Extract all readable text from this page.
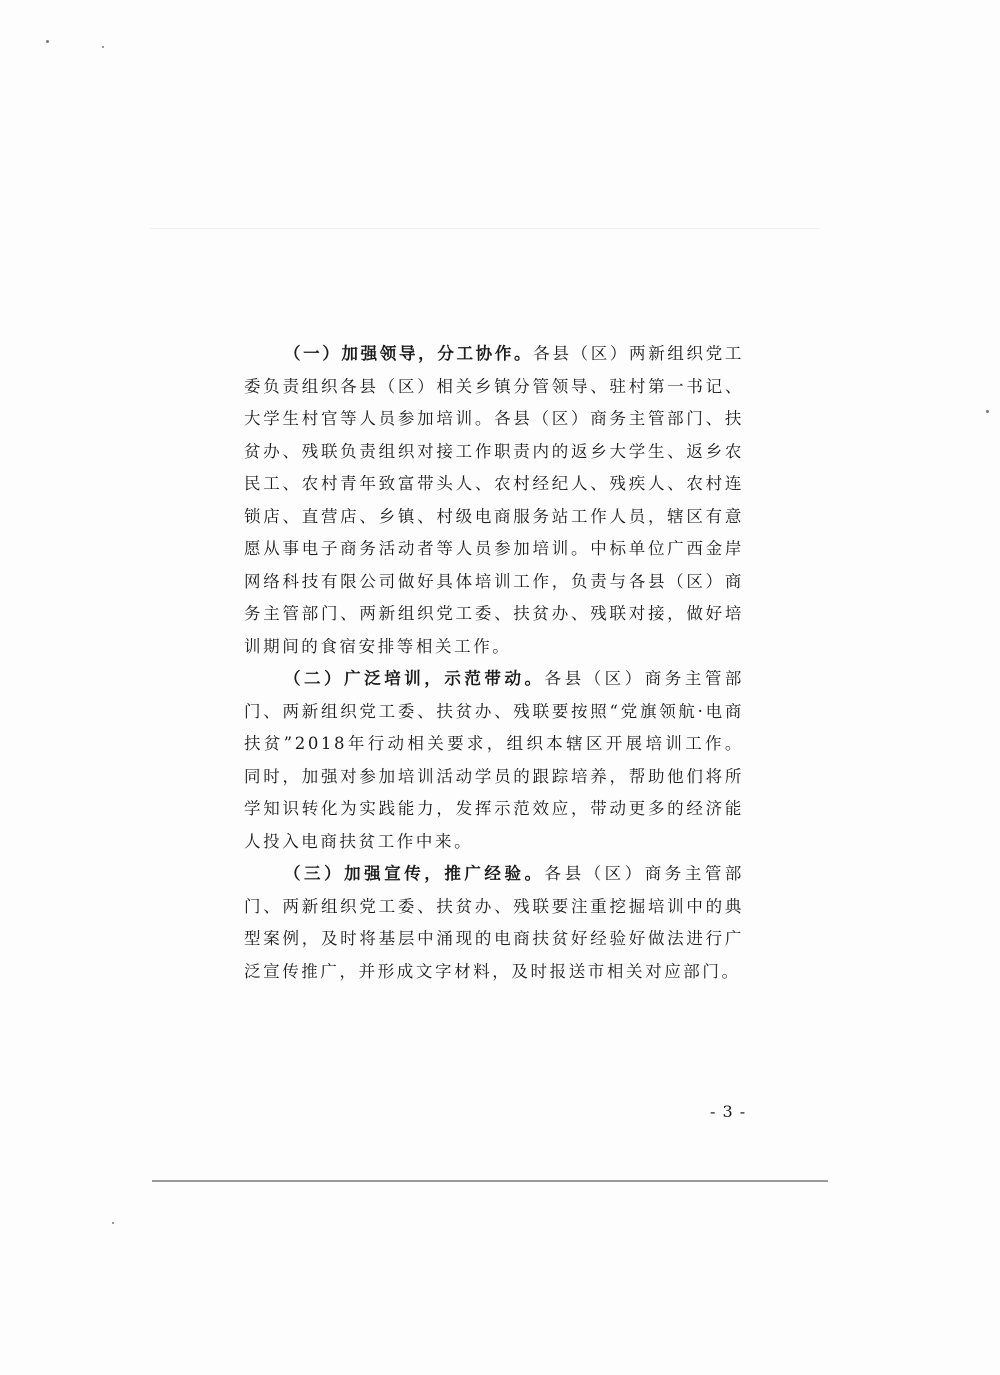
（一）加强领导，分工协作。各县（区）两新组织党工委负责组织各县（区）相关乡镇分管领导、驻村第一书记、大学生村官等人员参加培训。各县（区）商务主管部门、扶贫办、残联负责组织对接工作职责内的返乡大学生、返乡农民工、农村青年致富带头人、农村经纪人、残疾人、农村连锁店、直营店、乡镇、村级电商服务站工作人员，辖区有意愿从事电子商务活动者等人员参加培训。中标单位广西金岸网络科技有限公司做好具体培训工作，负责与各县（区）商务主管部门、两新组织党工委、扶贫办、残联对接，做好培训期间的食宿安排等相关工作。

（二）广泛培训，示范带动。各县（区）商务主管部门、两新组织党工委、扶贫办、残联要按照“党旗领航·电商扶贫”2018年行动相关要求，组织本辖区开展培训工作。同时，加强对参加培训活动学员的跟踪培养，帮助他们将所学知识转化为实践能力，发挥示范效应，带动更多的经济能人投入电商扶贫工作中来。

（三）加强宣传，推广经验。各县（区）商务主管部门、两新组织党工委、扶贫办、残联要注重挖掘培训中的典型案例，及时将基层中涌现的电商扶贫好经验好做法进行广泛宣传推广，并形成文字材料，及时报送市相关对应部门。

- 3 -
